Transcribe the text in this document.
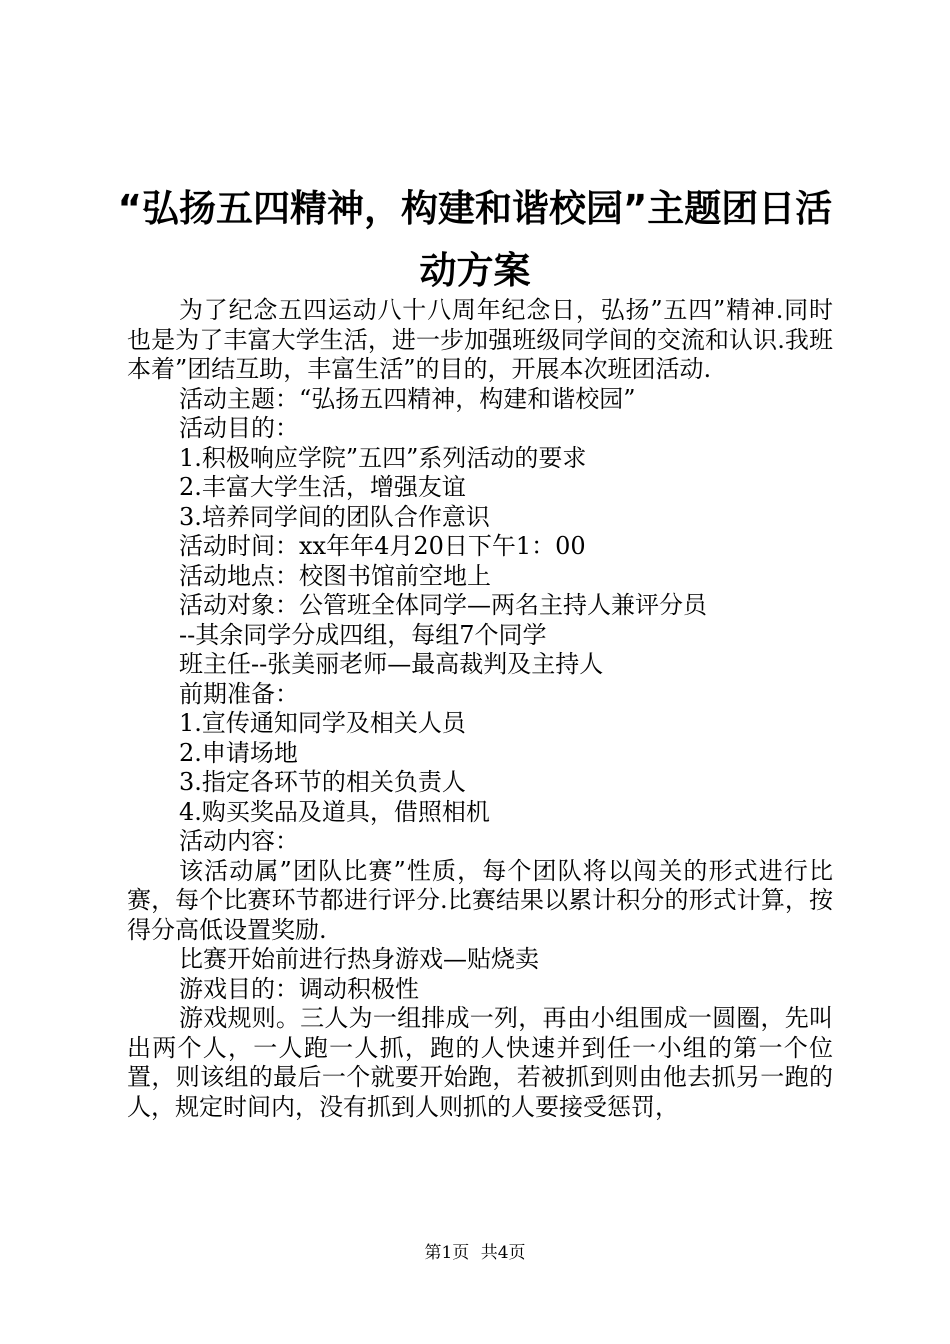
“弘扬五四精神，构建和谐校园”主题团日活
动方案

为了纪念五四运动八十八周年纪念日，弘扬”五四”精神.同时也是为了丰富大学生活，进一步加强班级同学间的交流和认识.我班本着”团结互助，丰富生活”的目的，开展本次班团活动.

活动主题：“弘扬五四精神，构建和谐校园”

活动目的：

1.积极响应学院”五四”系列活动的要求

2.丰富大学生活，增强友谊

3.培养同学间的团队合作意识

活动时间：xx年年4月20日下午1：00

活动地点：校图书馆前空地上

活动对象：公管班全体同学—两名主持人兼评分员

--其余同学分成四组，每组7个同学

班主任--张美丽老师—最高裁判及主持人

前期准备：

1.宣传通知同学及相关人员

2.申请场地

3.指定各环节的相关负责人

4.购买奖品及道具，借照相机

活动内容：

该活动属”团队比赛”性质，每个团队将以闯关的形式进行比赛，每个比赛环节都进行评分.比赛结果以累计积分的形式计算，按得分高低设置奖励.

比赛开始前进行热身游戏—贴烧卖

游戏目的：调动积极性

游戏规则。三人为一组排成一列，再由小组围成一圆圈，先叫出两个人，一人跑一人抓，跑的人快速并到任一小组的第一个位置，则该组的最后一个就要开始跑，若被抓到则由他去抓另一跑的人，规定时间内，没有抓到人则抓的人要接受惩罚，

第1页 共4页
